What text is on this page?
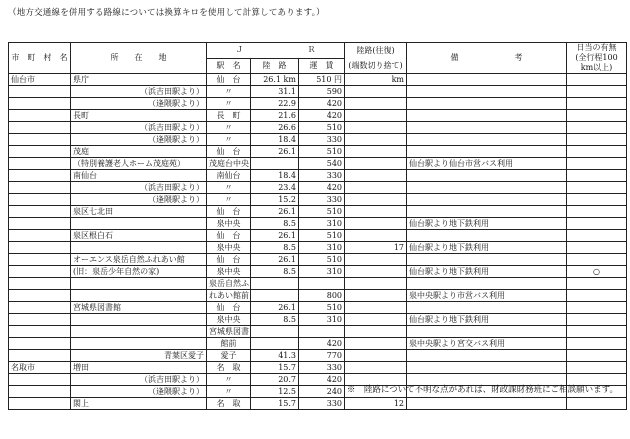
（地方交通線を併用する路線については換算キロを使用して計算してあります。）
市　町　村　名	所　　在　　地	Ｊ　　　　　　　　Ｒ			陸路(往復)	備　　　　　　　考	日当の有無
(全行程100
km以上)

		駅　名	陸　路	運　賃	(端数切り捨て)		
仙台市	県庁	仙　台	26.1 km	510 円	km		
	（浜吉田駅より）	〃	31.1	590			
	（逢隈駅より）	〃	22.9	420			
	長町	長　町	21.6	420			
	（浜吉田駅より）	〃	26.6	510			
	（逢隈駅より）	〃	18.4	330			
	茂庭	仙　台	26.1	510			
	（特別養護老人ホーム茂庭苑）	茂庭台中央		540		仙台駅より仙台市営バス利用	
	南仙台	南仙台	18.4	330			
	（浜吉田駅より）	〃	23.4	420			
	（逢隈駅より）	〃	15.2	330			
	泉区七北田	仙　台	26.1	510			
		泉中央	8.5	310		仙台駅より地下鉄利用	
	泉区根白石	仙　台	26.1	510			
		泉中央	8.5	310	17	仙台駅より地下鉄利用	
	オーエンス泉岳自然ふれあい館	仙　台	26.1	510			
	(旧：泉岳少年自然の家)	泉中央	8.5	310		仙台駅より地下鉄利用	○
		泉岳自然ふ					
		れあい館前		800		泉中央駅より市営バス利用	
	宮城県図書館	仙　台	26.1	510			
		泉中央	8.5	310		仙台駅より地下鉄利用	
		宮城県図書					
		館前		420		泉中央駅より宮交バス利用	
	青葉区愛子	愛子	41.3	770			
名取市	増田	名　取	15.7	330			
	（浜吉田駅より）	〃	20.7	420			
	（逢隈駅より）	〃	12.5	240			
	閖上	名　取	15.7	330	12		
※　陸路について不明な点があれば、財政課財務班にご相談願います。
